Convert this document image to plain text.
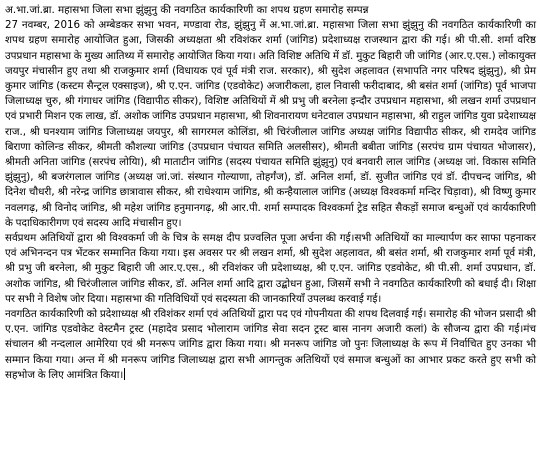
अ.भा.जां.ब्रा. महासभा जिला सभा झुंझुनु की नवगठित कार्यकारिणी का शपथ ग्रहण समारोह सम्पन्न

27 नवम्बर, 2016 को अम्बेडकर सभा भवन, मण्डावा रोड, झुंझुनु में अ.भा.जां.ब्रा. महासभा जिला सभा झुंझुनु की नवगठित कार्यकारिणी का शपथ ग्रहण समारोह आयोजित हुआ, जिसकी अध्यक्षता श्री रविशंकर शर्मा (जांगिड) प्रदेशाध्यक्ष राजस्थान द्वारा की गई। श्री पी.सी. शर्मा वरिष्ठ उपप्रधान महासभा के मुख्य आतिथ्य में समारोह आयोजित किया गया। अति विशिष्ट अतिथि में डॉ. मुकुट बिहारी जी जांगिड (आर.ए.एस.) लोकायुक्त जयपुर मंचासीन हुए तथा श्री राजकुमार शर्मा (विधायक एवं पूर्व मंत्री राज. सरकार), श्री सुदेश अहलावत (सभापति नगर परिषद झुंझुनु), श्री प्रेम कुमार जांगिड (कस्टम सैन्ट्रल एक्साइज), श्री ए.एन. जांगिड (एडवोकेट) अजारीकला, हाल निवासी फरीदाबाद, श्री बसंत शर्मा (जांगिड) पूर्व भाजपा जिलाध्यक्ष चुरु, श्री गंगाधर जांगिड (विद्यापीठ सीकर), विशिष्ट अतिथियों में श्री प्रभु जी बरनेला इन्दौर उपप्रधान महासभा, श्री लखन शर्मा उपप्रधान एवं प्रभारी मिशन एक लाख, डॉ. अशोक जांगिड उपप्रधान महासभा, श्री शिवनारायण धनेटवाल उपप्रधान महासभा, श्री राहुल जांगिड युवा प्रदेशाध्यक्ष राज., श्री घनश्याम जांगिड जिलाध्यक्ष जयपुर, श्री सागरमल कोलिंडा, श्री चिरंजीलाल जांगिड अध्यक्ष जांगिड विद्यापीठ सीकर, श्री रामदेव जांगिड बिराणा कोलिन्ड सीकर, श्रीमती कौशल्या जांगिड (उपप्रधान पंचायत समिति अलसीसर), श्रीमती बबीता जांगिड (सरपंच ग्राम पंचायत भोजासर), श्रीमती अनिता जांगिड (सरपंच लोयिा), श्री माताटीन जांगिड (सदस्य पंचायत समिति झुंझुनु) एवं बनवारी लाल जांगिड (अध्यक्ष जां. विकास समिति झुंझुनु), श्री बजरंगलाल जांगिड (अध्यक्ष जां.जां. संस्थान गोल्याणा, तोहर्गंज), डॉ. अनिल शर्मा, डॉ. सुजीत जांगिड एवं डॉ. दीपचन्द जांगिड, श्री दिनेश चौधरी, श्री नरेन्द्र जांगिड छात्रावास सीकर, श्री राधेश्याम जांगिड, श्री कन्हैयालाल जांगिड (अध्यक्ष विश्वकर्मा मन्दिर चिड़ावा), श्री विष्णु कुमार नवलगढ़, श्री विनोद जांगिड, श्री महेश जांगिड हनुमानगढ़, श्री आर.पी. शर्मा सम्पादक विश्वकर्मा ट्रेड सहित सैकड़ों समाज बन्धुओं एवं कार्यकारिणी के पदाधिकारीगण एवं सदस्य आदि मंचासीन हुए।

सर्वप्रथम अतिथियों द्वारा श्री विश्वकर्मा जी के चित्र के समक्ष दीप प्रज्वलित पूजा अर्चना की गई।सभी अतिथियों का माल्यार्पण कर साफा पहनाकर एवं अभिनन्दन पत्र भेंटकर सम्मानित किया गया। इस अवसर पर श्री लखन शर्मा, श्री सुदेश अहलावत, श्री बसंत शर्मा, श्री राजकुमार शर्मा पूर्व मंत्री, श्री प्रभु जी बरनेला, श्री मुकुट बिहारी जी आर.ए.एस., श्री रविशंकर जी प्रदेशाध्यक्ष, श्री ए.एन. जांगिड एडवोकेट, श्री पी.सी. शर्मा उपप्रधान, डॉ. अशोक जांगिड, श्री चिरंजीलाल जांगिड सीकर, डॉ. अनिल शर्मा आदि द्वारा उद्बोधन हुआ, जिसमें सभी ने नवगठित कार्यकारिणी को बधाई दी। शिक्षा पर सभी ने विशेष जोर दिया। महासभा की गतिविधियों एवं सदस्यता की जानकारियाँ उपलब्ध करवाई गई।

नवगठित कार्यकारिणी को प्रदेशाध्यक्ष श्री रविशंकर शर्मा एवं अतिथियों द्वारा पद एवं गोपनीयता की शपथ दिलवाई गई। समारोह की भोजन प्रसादी श्री ए.एन. जांगिड एडवोकेट वेस्टमैन ट्रस्ट (महादेव प्रसाद भोलाराम जांगिड सेवा सदन ट्रस्ट बास नानग अजारी कलां) के सौजन्य द्वारा की गई।मंच संचालन श्री नन्दलाल आमेरिया एवं श्री मनरूप जांगिड द्वारा किया गया। श्री मनरूप जांगिड जो पुनः जिलाध्यक्ष के रूप में निर्वाचित हुए उनका भी सम्मान किया गया। अन्त में श्री मनरूप जांगिड जिलाध्यक्ष द्वारा सभी आगन्तुक अतिथियों एवं समाज बन्धुओं का आभार प्रकट करते हुए सभी को सहभोज के लिए आमंत्रित किया।
